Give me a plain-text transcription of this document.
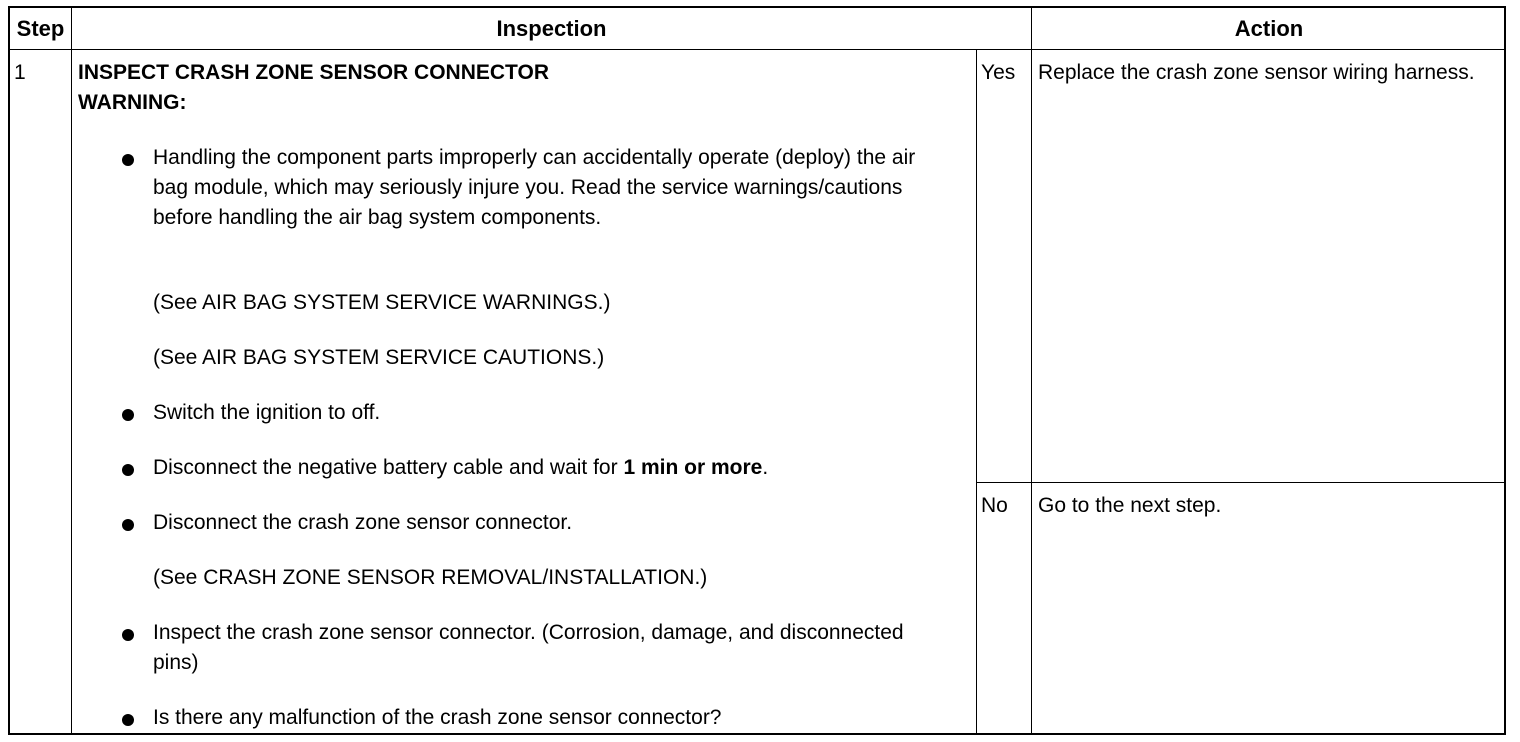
Step	Inspection	Action
1 INSPECT CRASH ZONE SENSOR CONNECTOR
WARNING:
Handling the component parts improperly can accidentally operate (deploy) the air bag module, which may seriously injure you. Read the service warnings/cautions before handling the air bag system components.
(See AIR BAG SYSTEM SERVICE WARNINGS.)
(See AIR BAG SYSTEM SERVICE CAUTIONS.)
Switch the ignition to off.
Disconnect the negative battery cable and wait for 1 min or more.
Disconnect the crash zone sensor connector.
(See CRASH ZONE SENSOR REMOVAL/INSTALLATION.)
Inspect the crash zone sensor connector. (Corrosion, damage, and disconnected pins)
Is there any malfunction of the crash zone sensor connector?
Yes Replace the crash zone sensor wiring harness.
No Go to the next step.
